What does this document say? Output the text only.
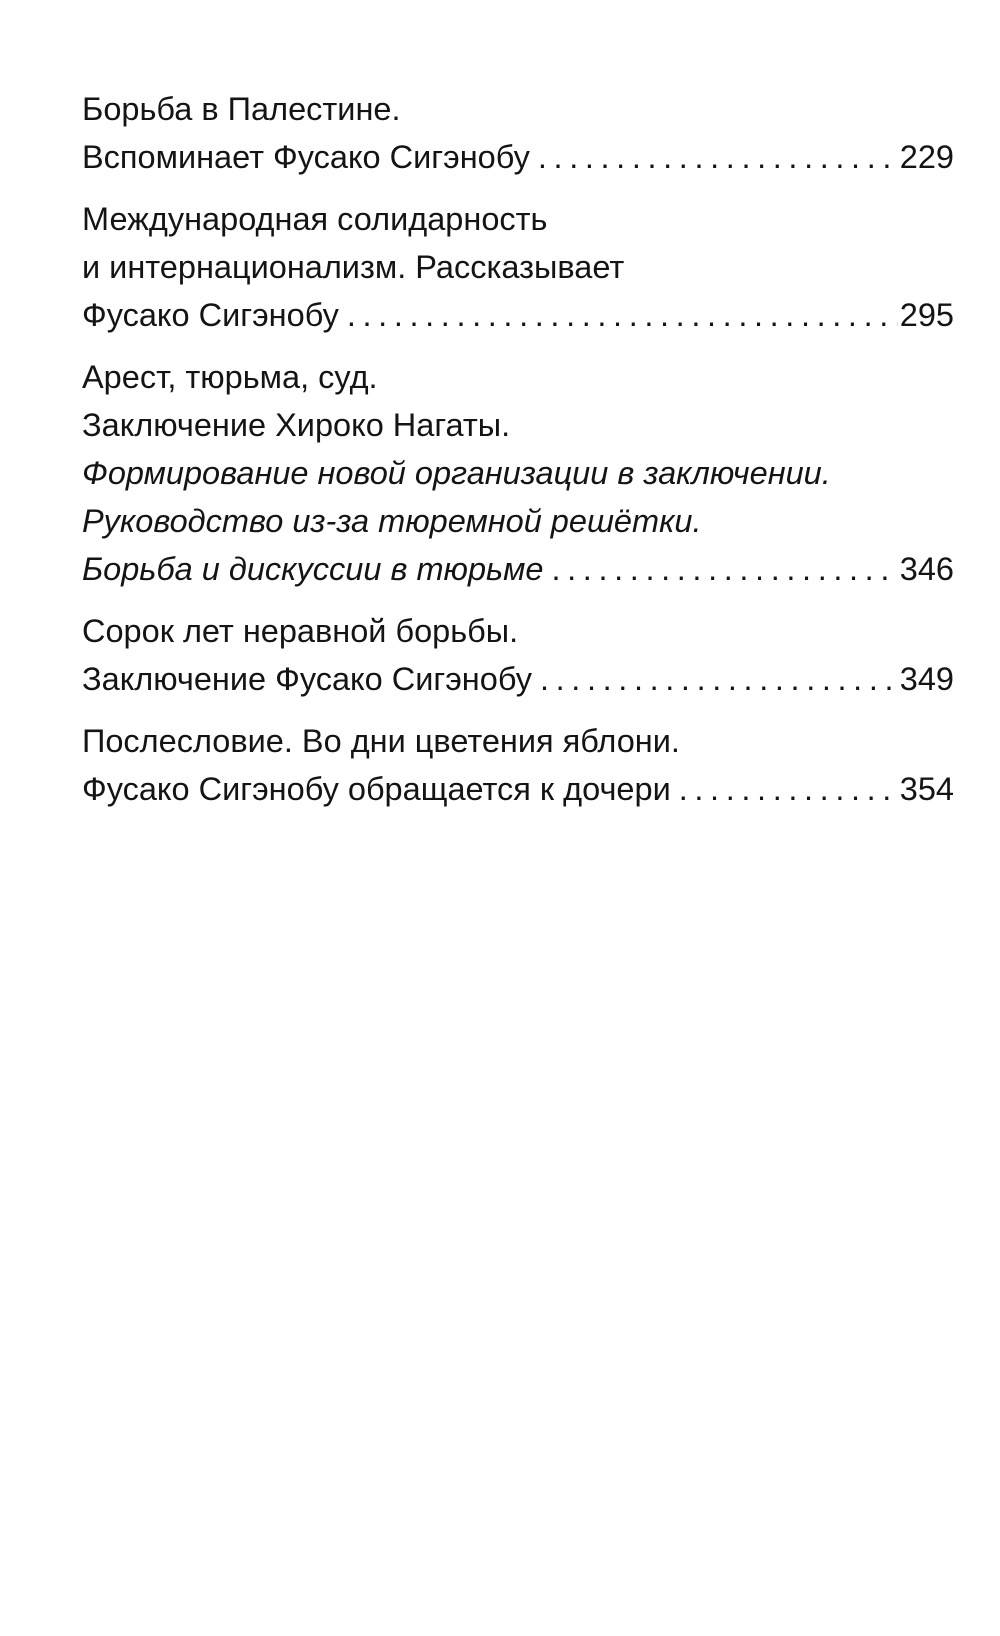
Борьба в Палестине.
Вспоминает Фусако Сигэнобу . . .	229
Международная солидарность
и интернационализм. Рассказывает
Фусако Сигэнобу . . .	295
Арест, тюрьма, суд.
Заключение Хироко Нагаты.
Формирование новой организации в заключении.
Руководство из-за тюремной решётки.
Борьба и дискуссии в тюрьме . . .	346
Сорок лет неравной борьбы.
Заключение Фусако Сигэнобу . . .	349
Послесловие. Во дни цветения яблони.
Фусако Сигэнобу обращается к дочери . . .	354
